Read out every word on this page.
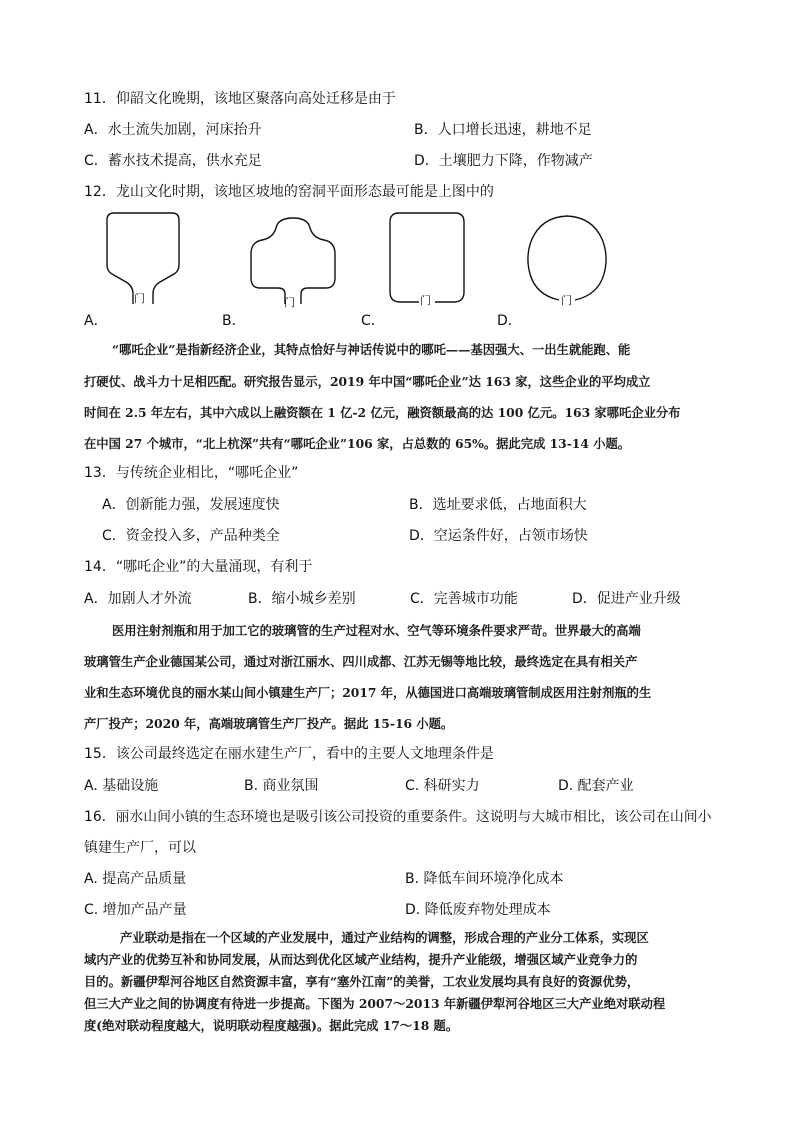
11．仰韶文化晚期，该地区聚落向高处迁移是由于
A．水土流失加剧，河床抬升	B．人口增长迅速，耕地不足
C．蓄水技术提高，供水充足	D．土壤肥力下降，作物减产
12．龙山文化时期，该地区坡地的窑洞平面形态最可能是上图中的
门	门	门	门
A．	B．	C．	D．
“哪吒企业”是指新经济企业，其特点恰好与神话传说中的哪吒——基因强大、一出生就能跑、能
打硬仗、战斗力十足相匹配。研究报告显示，2019 年中国“哪吒企业”达 163 家，这些企业的平均成立
时间在 2.5 年左右，其中六成以上融资额在 1 亿-2 亿元，融资额最高的达 100 亿元。163 家哪吒企业分布
在中国 27 个城市，“北上杭深”共有“哪吒企业”106 家，占总数的 65%。据此完成 13-14 小题。
13．与传统企业相比，“哪吒企业”
A．创新能力强，发展速度快	B．选址要求低，占地面积大
C．资金投入多，产品种类全	D．空运条件好，占领市场快
14．“哪吒企业”的大量涌现，有利于
A．加剧人才外流	B．缩小城乡差别	C．完善城市功能	D．促进产业升级
医用注射剂瓶和用于加工它的玻璃管的生产过程对水、空气等环境条件要求严苛。世界最大的高端
玻璃管生产企业德国某公司，通过对浙江丽水、四川成都、江苏无锡等地比较，最终选定在具有相关产
业和生态环境优良的丽水某山间小镇建生产厂；2017 年，从德国进口高端玻璃管制成医用注射剂瓶的生
产厂投产；2020 年，高端玻璃管生产厂投产。据此 15-16 小题。
15．该公司最终选定在丽水建生产厂，看中的主要人文地理条件是
A. 基础设施	B. 商业氛围	C. 科研实力	D. 配套产业
16．丽水山间小镇的生态环境也是吸引该公司投资的重要条件。这说明与大城市相比，该公司在山间小
镇建生产厂，可以
A. 提高产品质量	B. 降低车间环境净化成本
C. 增加产品产量	D. 降低废弃物处理成本
产业联动是指在一个区域的产业发展中，通过产业结构的调整，形成合理的产业分工体系，实现区
域内产业的优势互补和协同发展，从而达到优化区域产业结构，提升产业能级，增强区域产业竞争力的
目的。新疆伊犁河谷地区自然资源丰富，享有“塞外江南”的美誉，工农业发展均具有良好的资源优势，
但三大产业之间的协调度有待进一步提高。下图为 2007～2013 年新疆伊犁河谷地区三大产业绝对联动程
度(绝对联动程度越大，说明联动程度越强)。据此完成 17～18 题。
